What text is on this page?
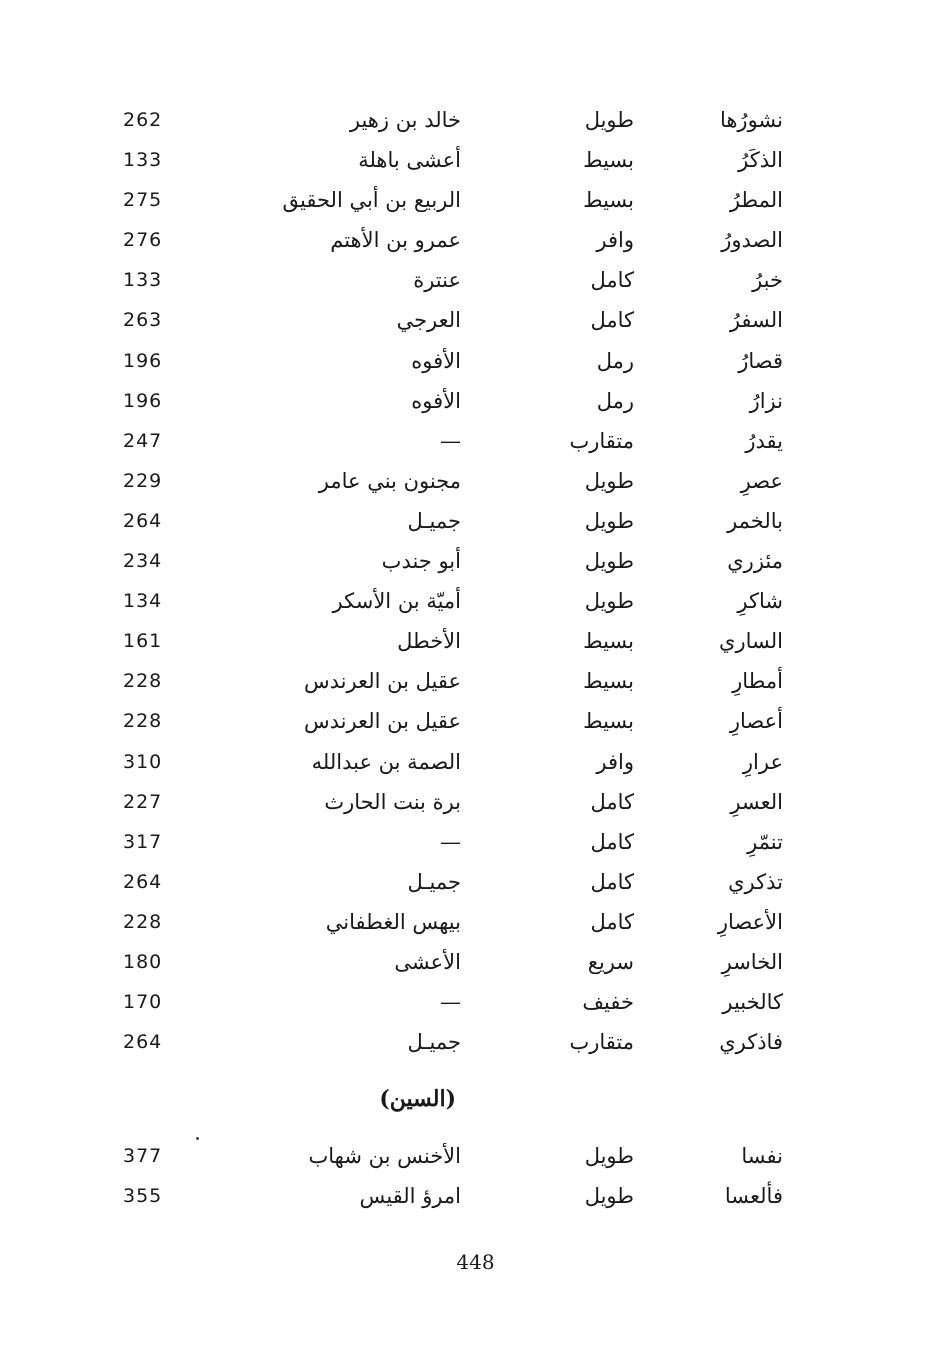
نشورُها
طويل
خالد بن زهير
262
الذكَرُ
بسيط
أعشى باهلة
133
المطرُ
بسيط
الربيع بن أبي الحقيق
275
الصدورُ
وافر
عمرو بن الأهتم
276
خبرُ
كامل
عنترة
133
السفرُ
كامل
العرجي
263
قصارُ
رمل
الأفوه
196
نزارُ
رمل
الأفوه
196
يقدرُ
متقارب
—
247
عصرِ
طويل
مجنون بني عامر
229
بالخمر
طويل
جميـل
264
مئزري
طويل
أبو جندب
234
شاكرِ
طويل
أميّة بن الأسكر
134
الساري
بسيط
الأخطل
161
أمطارِ
بسيط
عقيل بن العرندس
228
أعصارِ
بسيط
عقيل بن العرندس
228
عرارِ
وافر
الصمة بن عبدالله
310
العسرِ
كامل
برة بنت الحارث
227
تنمّرِ
كامل
—
317
تذكري
كامل
جميـل
264
الأعصارِ
كامل
بيهس الغطفاني
228
الخاسرِ
سريع
الأعشى
180
كالخبير
خفيف
—
170
فاذكري
متقارب
جميـل
264
(السين)
نفسا
طويل
الأخنس بن شهاب
377
فألعسا
طويل
امرؤ القيس
355
448
